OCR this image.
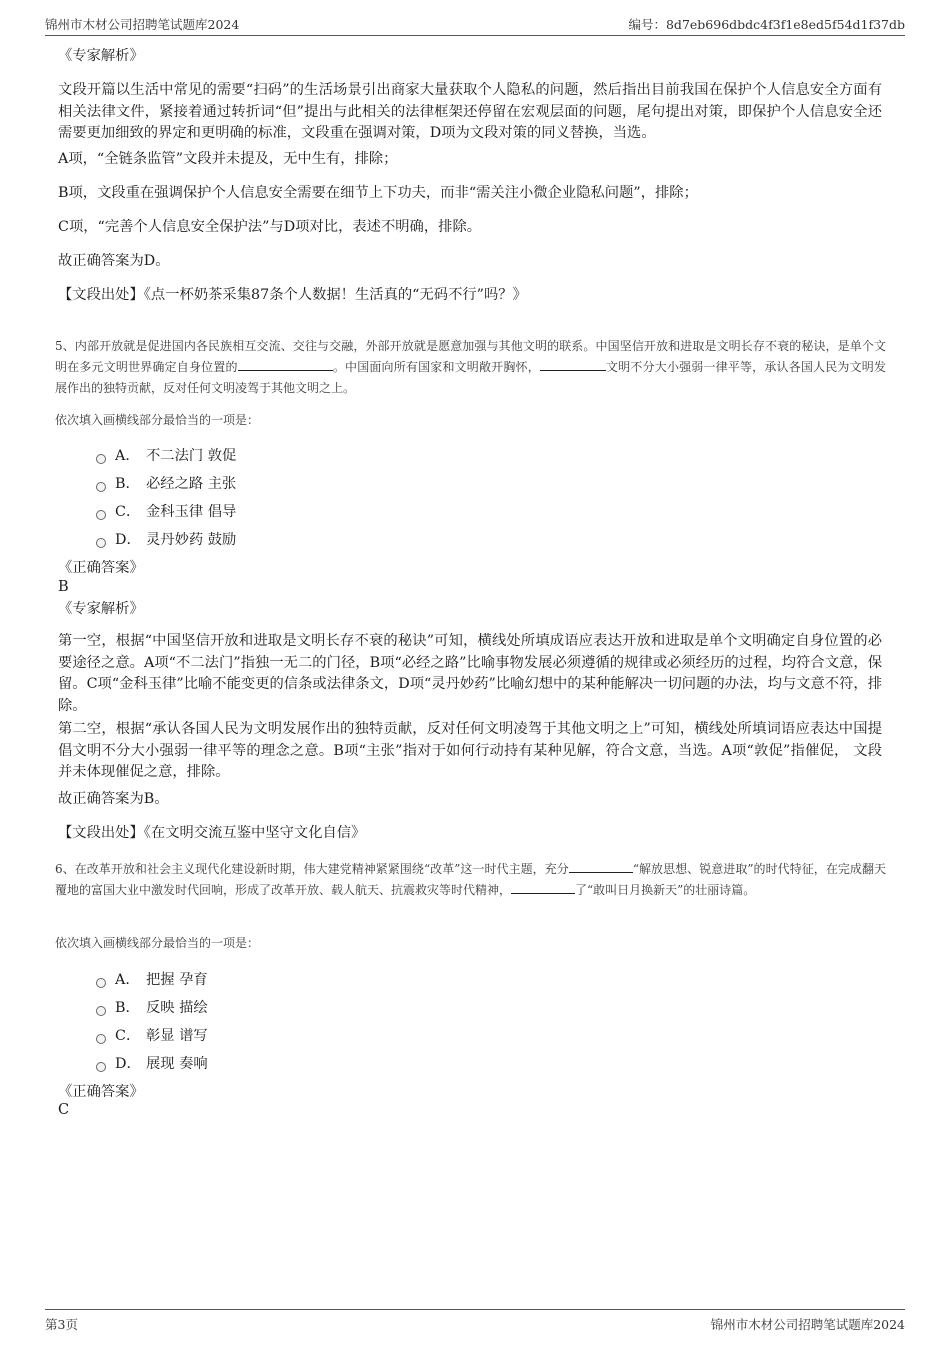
锦州市木材公司招聘笔试题库2024	编号：8d7eb696dbdc4f3f1e8ed5f54d1f37db
《专家解析》
文段开篇以生活中常见的需要“扫码”的生活场景引出商家大量获取个人隐私的问题，然后指出目前我国在保护个人信息安全方面有相关法律文件，紧接着通过转折词“但”提出与此相关的法律框架还停留在宏观层面的问题，尾句提出对策，即保护个人信息安全还需要更加细致的界定和更明确的标准，文段重在强调对策，D项为文段对策的同义替换，当选。
A项，“全链条监管”文段并未提及，无中生有，排除；
B项，文段重在强调保护个人信息安全需要在细节上下功夫，而非“需关注小微企业隐私问题”，排除；
C项，“完善个人信息安全保护法”与D项对比，表述不明确，排除。
故正确答案为D。
【文段出处】《点一杯奶茶采集87条个人数据！生活真的“无码不行”吗？》
5、内部开放就是促进国内各民族相互交流、交往与交融，外部开放就是愿意加强与其他文明的联系。中国坚信开放和进取是文明长存不衰的秘诀，是单个文明在多元文明世界确定自身位置的	。中国面向所有国家和文明敞开胸怀，	文明不分大小强弱一律平等，承认各国人民为文明发展作出的独特贡献，反对任何文明凌驾于其他文明之上。
依次填入画横线部分最恰当的一项是：
A． 不二法门 敦促
B． 必经之路 主张
C． 金科玉律 倡导
D． 灵丹妙药 鼓励
《正确答案》
B
《专家解析》
第一空，根据“中国坚信开放和进取是文明长存不衰的秘诀”可知，横线处所填成语应表达开放和进取是单个文明确定自身位置的必要途径之意。A项“不二法门”指独一无二的门径，B项“必经之路”比喻事物发展必须遵循的规律或必须经历的过程，均符合文意，保留。C项“金科玉律”比喻不能变更的信条或法律条文，D项“灵丹妙药”比喻幻想中的某种能解决一切问题的办法，均与文意不符，排除。
第二空，根据“承认各国人民为文明发展作出的独特贡献，反对任何文明凌驾于其他文明之上”可知，横线处所填词语应表达中国提倡文明不分大小强弱一律平等的理念之意。B项“主张”指对于如何行动持有某种见解，符合文意，当选。A项“敦促”指催促， 文段并未体现催促之意，排除。
故正确答案为B。
【文段出处】《在文明交流互鉴中坚守文化自信》
6、在改革开放和社会主义现代化建设新时期，伟大建党精神紧紧围绕“改革”这一时代主题，充分	“解放思想、锐意进取”的时代特征，在完成翻天覆地的富国大业中激发时代回响，形成了改革开放、载人航天、抗震救灾等时代精神，	了“敢叫日月换新天”的壮丽诗篇。
依次填入画横线部分最恰当的一项是：
A． 把握 孕育
B． 反映 描绘
C． 彰显 谱写
D． 展现 奏响
《正确答案》
C
第3页	锦州市木材公司招聘笔试题库2024
